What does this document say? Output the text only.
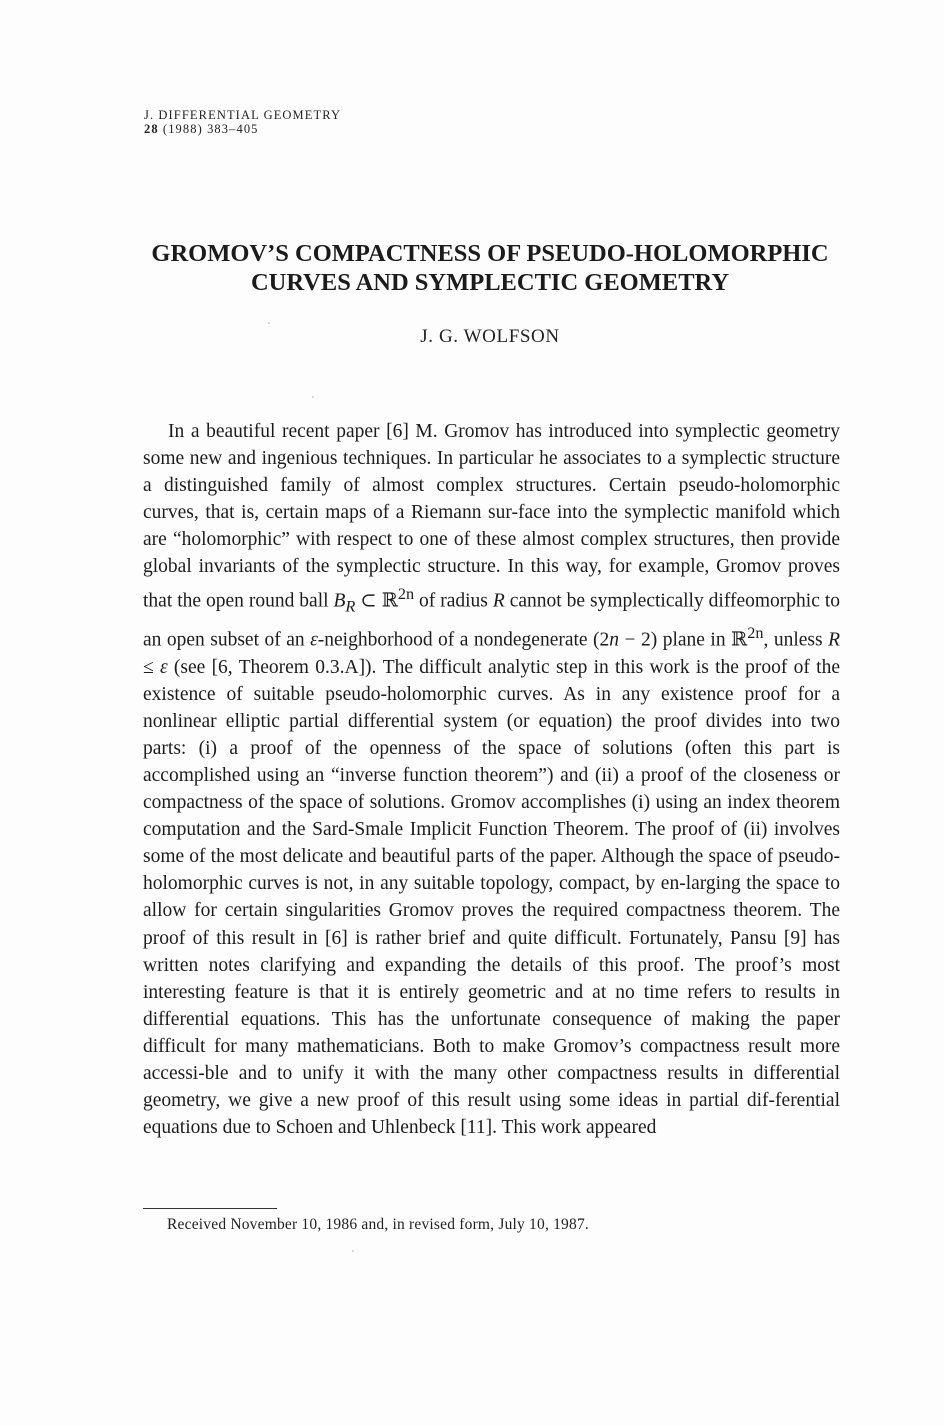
J. DIFFERENTIAL GEOMETRY
28 (1988) 383–405
GROMOV’S COMPACTNESS OF PSEUDO-HOLOMORPHIC
CURVES AND SYMPLECTIC GEOMETRY
J. G. WOLFSON

In a beautiful recent paper [6] M. Gromov has introduced into symplectic geometry some new and ingenious techniques. In particular he associates to a symplectic structure a distinguished family of almost complex structures. Certain pseudo-holomorphic curves, that is, certain maps of a Riemann sur-face into the symplectic manifold which are “holomorphic” with respect to one of these almost complex structures, then provide global invariants of the symplectic structure. In this way, for example, Gromov proves that the open round ball $B_R$ ⊂ ℝ$^{2n}$ of radius R cannot be symplectically diffeomorphic to an open subset of an ε-neighborhood of a nondegenerate (2n − 2) plane in ℝ$^{2n}$, unless R ≤ ε (see [6, Theorem 0.3.A]). The difficult analytic step in this work is the proof of the existence of suitable pseudo-holomorphic curves. As in any existence proof for a nonlinear elliptic partial differential system (or equation) the proof divides into two parts: (i) a proof of the openness of the space of solutions (often this part is accomplished using an “inverse function theorem”) and (ii) a proof of the closeness or compactness of the space of solutions. Gromov accomplishes (i) using an index theorem computation and the Sard-Smale Implicit Function Theorem. The proof of (ii) involves some of the most delicate and beautiful parts of the paper. Although the space of pseudo-holomorphic curves is not, in any suitable topology, compact, by en-larging the space to allow for certain singularities Gromov proves the required compactness theorem. The proof of this result in [6] is rather brief and quite difficult. Fortunately, Pansu [9] has written notes clarifying and expanding the details of this proof. The proof’s most interesting feature is that it is entirely geometric and at no time refers to results in differential equations. This has the unfortunate consequence of making the paper difficult for many mathematicians. Both to make Gromov’s compactness result more accessi-ble and to unify it with the many other compactness results in differential geometry, we give a new proof of this result using some ideas in partial dif-ferential equations due to Schoen and Uhlenbeck [11]. This work appeared

Received November 10, 1986 and, in revised form, July 10, 1987.
